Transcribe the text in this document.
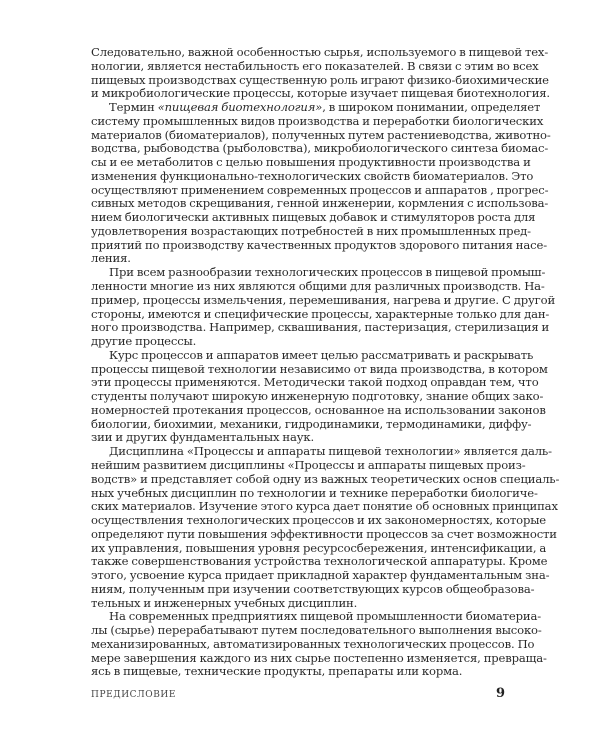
Следовательно, важной особенностью сырья, используемого в пищевой тех-
нологии, является нестабильность его показателей. В связи с этим во всех
пищевых производствах существенную роль играют физико-биохимические
и микробиологические процессы, которые изучает пищевая биотехнология.
Термин «пищевая биотехнология», в широком понимании, определяет
систему промышленных видов производства и переработки биологических
материалов (биоматериалов), полученных путем растениеводства, животно-
водства, рыбоводства (рыболовства), микробиологического синтеза биомас-
сы и ее метаболитов с целью повышения продуктивности производства и
изменения функционально-технологических свойств биоматериалов. Это
осуществляют применением современных процессов и аппаратов , прогрес-
сивных методов скрещивания, генной инженерии, кормления с использова-
нием биологически активных пищевых добавок и стимуляторов роста для
удовлетворения возрастающих потребностей в них промышленных пред-
приятий по производству качественных продуктов здорового питания насе-
ления.
При всем разнообразии технологических процессов в пищевой промыш-
ленности многие из них являются общими для различных производств. На-
пример, процессы измельчения, перемешивания, нагрева и другие. С другой
стороны, имеются и специфические процессы, характерные только для дан-
ного производства. Например, сквашивания, пастеризация, стерилизация и
другие процессы.
Курс процессов и аппаратов имеет целью рассматривать и раскрывать
процессы пищевой технологии независимо от вида производства, в котором
эти процессы применяются. Методически такой подход оправдан тем, что
студенты получают широкую инженерную подготовку, знание общих зако-
номерностей протекания процессов, основанное на использовании законов
биологии, биохимии, механики, гидродинамики, термодинамики, диффу-
зии и других фундаментальных наук.
Дисциплина «Процессы и аппараты пищевой технологии» является даль-
нейшим развитием дисциплины «Процессы и аппараты пищевых произ-
водств» и представляет собой одну из важных теоретических основ специаль-
ных учебных дисциплин по технологии и технике переработки биологиче-
ских материалов. Изучение этого курса дает понятие об основных принципах
осуществления технологических процессов и их закономерностях, которые
определяют пути повышения эффективности процессов за счет возможности
их управления, повышения уровня ресурсосбережения, интенсификации, а
также совершенствования устройства технологической аппаратуры. Кроме
этого, усвоение курса придает прикладной характер фундаментальным зна-
ниям, полученным при изучении соответствующих курсов общеобразова-
тельных и инженерных учебных дисциплин.
На современных предприятиях пищевой промышленности биоматериа-
лы (сырье) перерабатывают путем последовательного выполнения высоко-
механизированных, автоматизированных технологических процессов. По
мере завершения каждого из них сырье постепенно изменяется, превраща-
ясь в пищевые, технические продукты, препараты или корма.
ПРЕДИСЛОВИЕ	9
